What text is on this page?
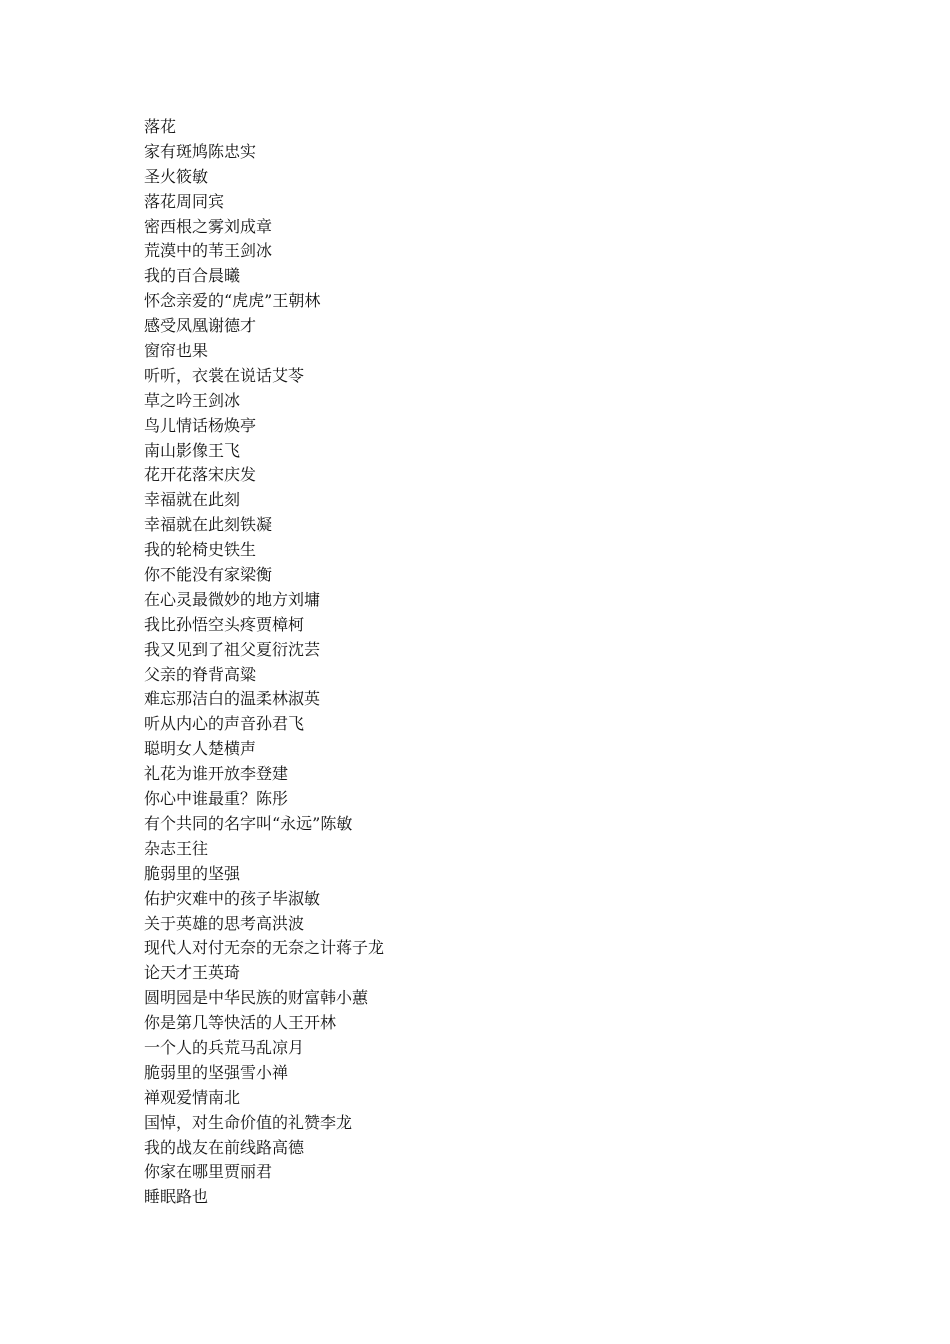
落花
家有斑鸠陈忠实
圣火筱敏
落花周同宾
密西根之雾刘成章
荒漠中的苇王剑冰
我的百合晨曦
怀念亲爱的“虎虎”王朝林
感受凤凰谢德才
窗帘也果
听听，衣裳在说话艾苓
草之吟王剑冰
鸟儿情话杨焕亭
南山影像王飞
花开花落宋庆发
幸福就在此刻
幸福就在此刻铁凝
我的轮椅史铁生
你不能没有家梁衡
在心灵最微妙的地方刘墉
我比孙悟空头疼贾樟柯
我又见到了祖父夏衍沈芸
父亲的脊背高粱
难忘那洁白的温柔林淑英
听从内心的声音孙君飞
聪明女人楚横声
礼花为谁开放李登建
你心中谁最重？陈彤
有个共同的名字叫“永远”陈敏
杂志王往
脆弱里的坚强
佑护灾难中的孩子毕淑敏
关于英雄的思考高洪波
现代人对付无奈的无奈之计蒋子龙
论天才王英琦
圆明园是中华民族的财富韩小蕙
你是第几等快活的人王开林
一个人的兵荒马乱凉月
脆弱里的坚强雪小禅
禅观爱情南北
国悼，对生命价值的礼赞李龙
我的战友在前线路高德
你家在哪里贾丽君
睡眠路也
